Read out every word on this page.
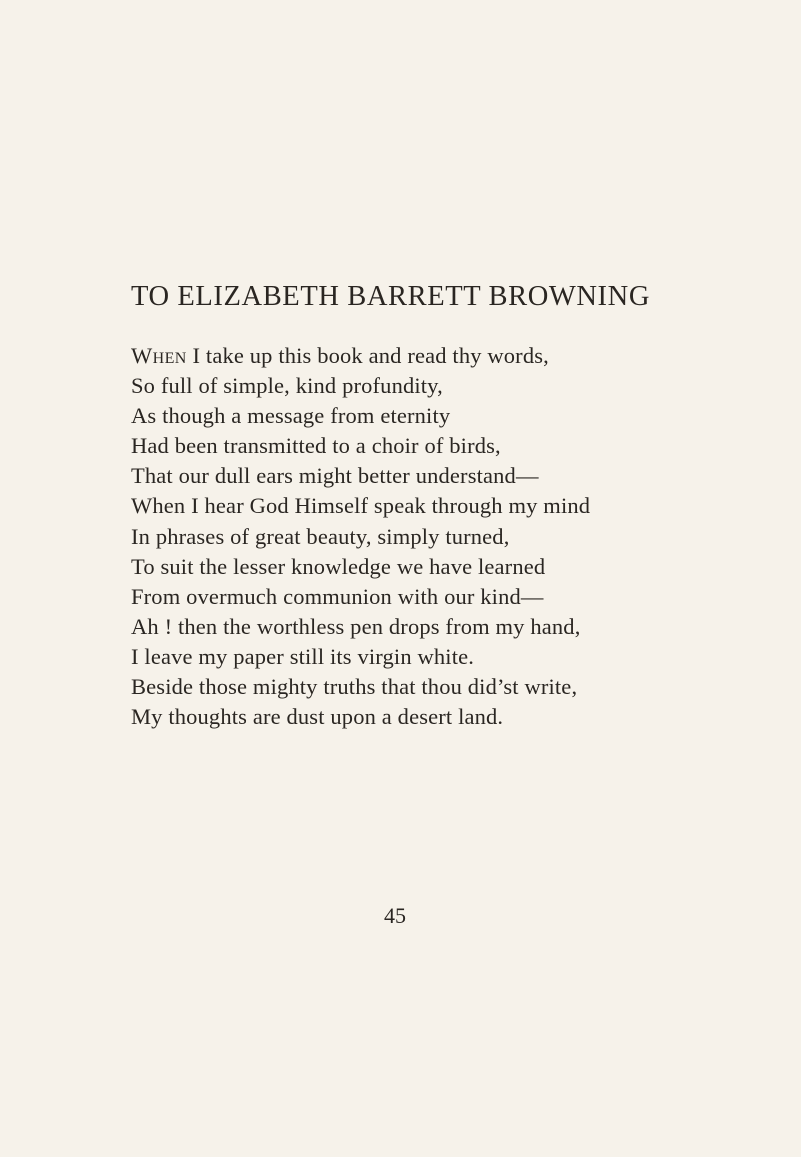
TO ELIZABETH BARRETT BROWNING
When I take up this book and read thy words,
So full of simple, kind profundity,
As though a message from eternity
Had been transmitted to a choir of birds,
That our dull ears might better understand—
When I hear God Himself speak through my mind
In phrases of great beauty, simply turned,
To suit the lesser knowledge we have learned
From overmuch communion with our kind—
Ah ! then the worthless pen drops from my hand,
I leave my paper still its virgin white.
Beside those mighty truths that thou did’st write,
My thoughts are dust upon a desert land.
45
